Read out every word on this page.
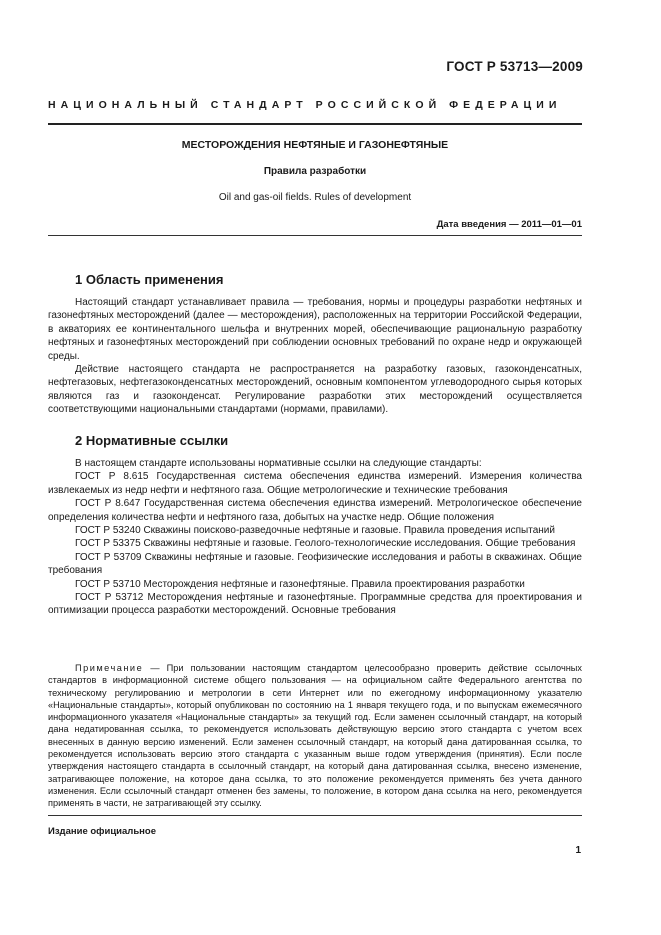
ГОСТ Р 53713—2009
НАЦИОНАЛЬНЫЙ СТАНДАРТ РОССИЙСКОЙ ФЕДЕРАЦИИ
МЕСТОРОЖДЕНИЯ НЕФТЯНЫЕ И ГАЗОНЕФТЯНЫЕ
Правила разработки
Oil and gas-oil fields. Rules of development
Дата введения — 2011—01—01
1 Область применения

Настоящий стандарт устанавливает правила — требования, нормы и процедуры разработки нефтяных и газонефтяных месторождений (далее — месторождения), расположенных на территории Российской Федерации, в акваториях ее континентального шельфа и внутренних морей, обеспечивающие рациональную разработку нефтяных и газонефтяных месторождений при соблюдении основных требований по охране недр и окружающей среды.

Действие настоящего стандарта не распространяется на разработку газовых, газоконденсатных, нефтегазовых, нефтегазоконденсатных месторождений, основным компонентом углеводородного сырья которых являются газ и газоконденсат. Регулирование разработки этих месторождений осуществляется соответствующими национальными стандартами (нормами, правилами).

2 Нормативные ссылки

В настоящем стандарте использованы нормативные ссылки на следующие стандарты:

ГОСТ Р 8.615 Государственная система обеспечения единства измерений. Измерения количества извлекаемых из недр нефти и нефтяного газа. Общие метрологические и технические требования

ГОСТ Р 8.647 Государственная система обеспечения единства измерений. Метрологическое обеспечение определения количества нефти и нефтяного газа, добытых на участке недр. Общие положения

ГОСТ Р 53240 Скважины поисково-разведочные нефтяные и газовые. Правила проведения испытаний

ГОСТ Р 53375 Скважины нефтяные и газовые. Геолого-технологические исследования. Общие требования

ГОСТ Р 53709 Скважины нефтяные и газовые. Геофизические исследования и работы в скважинах. Общие требования

ГОСТ Р 53710 Месторождения нефтяные и газонефтяные. Правила проектирования разработки

ГОСТ Р 53712 Месторождения нефтяные и газонефтяные. Программные средства для проектирования и оптимизации процесса разработки месторождений. Основные требования

Примечание — При пользовании настоящим стандартом целесообразно проверить действие ссылочных стандартов в информационной системе общего пользования — на официальном сайте Федерального агентства по техническому регулированию и метрологии в сети Интернет или по ежегодному информационному указателю «Национальные стандарты», который опубликован по состоянию на 1 января текущего года, и по выпускам ежемесячного информационного указателя «Национальные стандарты» за текущий год. Если заменен ссылочный стандарт, на который дана недатированная ссылка, то рекомендуется использовать действующую версию этого стандарта с учетом всех внесенных в данную версию изменений. Если заменен ссылочный стандарт, на который дана датированная ссылка, то рекомендуется использовать версию этого стандарта с указанным выше годом утверждения (принятия). Если после утверждения настоящего стандарта в ссылочный стандарт, на который дана датированная ссылка, внесено изменение, затрагивающее положение, на которое дана ссылка, то это положение рекомендуется применять без учета данного изменения. Если ссылочный стандарт отменен без замены, то положение, в котором дана ссылка на него, рекомендуется применять в части, не затрагивающей эту ссылку.

Издание официальное
1
